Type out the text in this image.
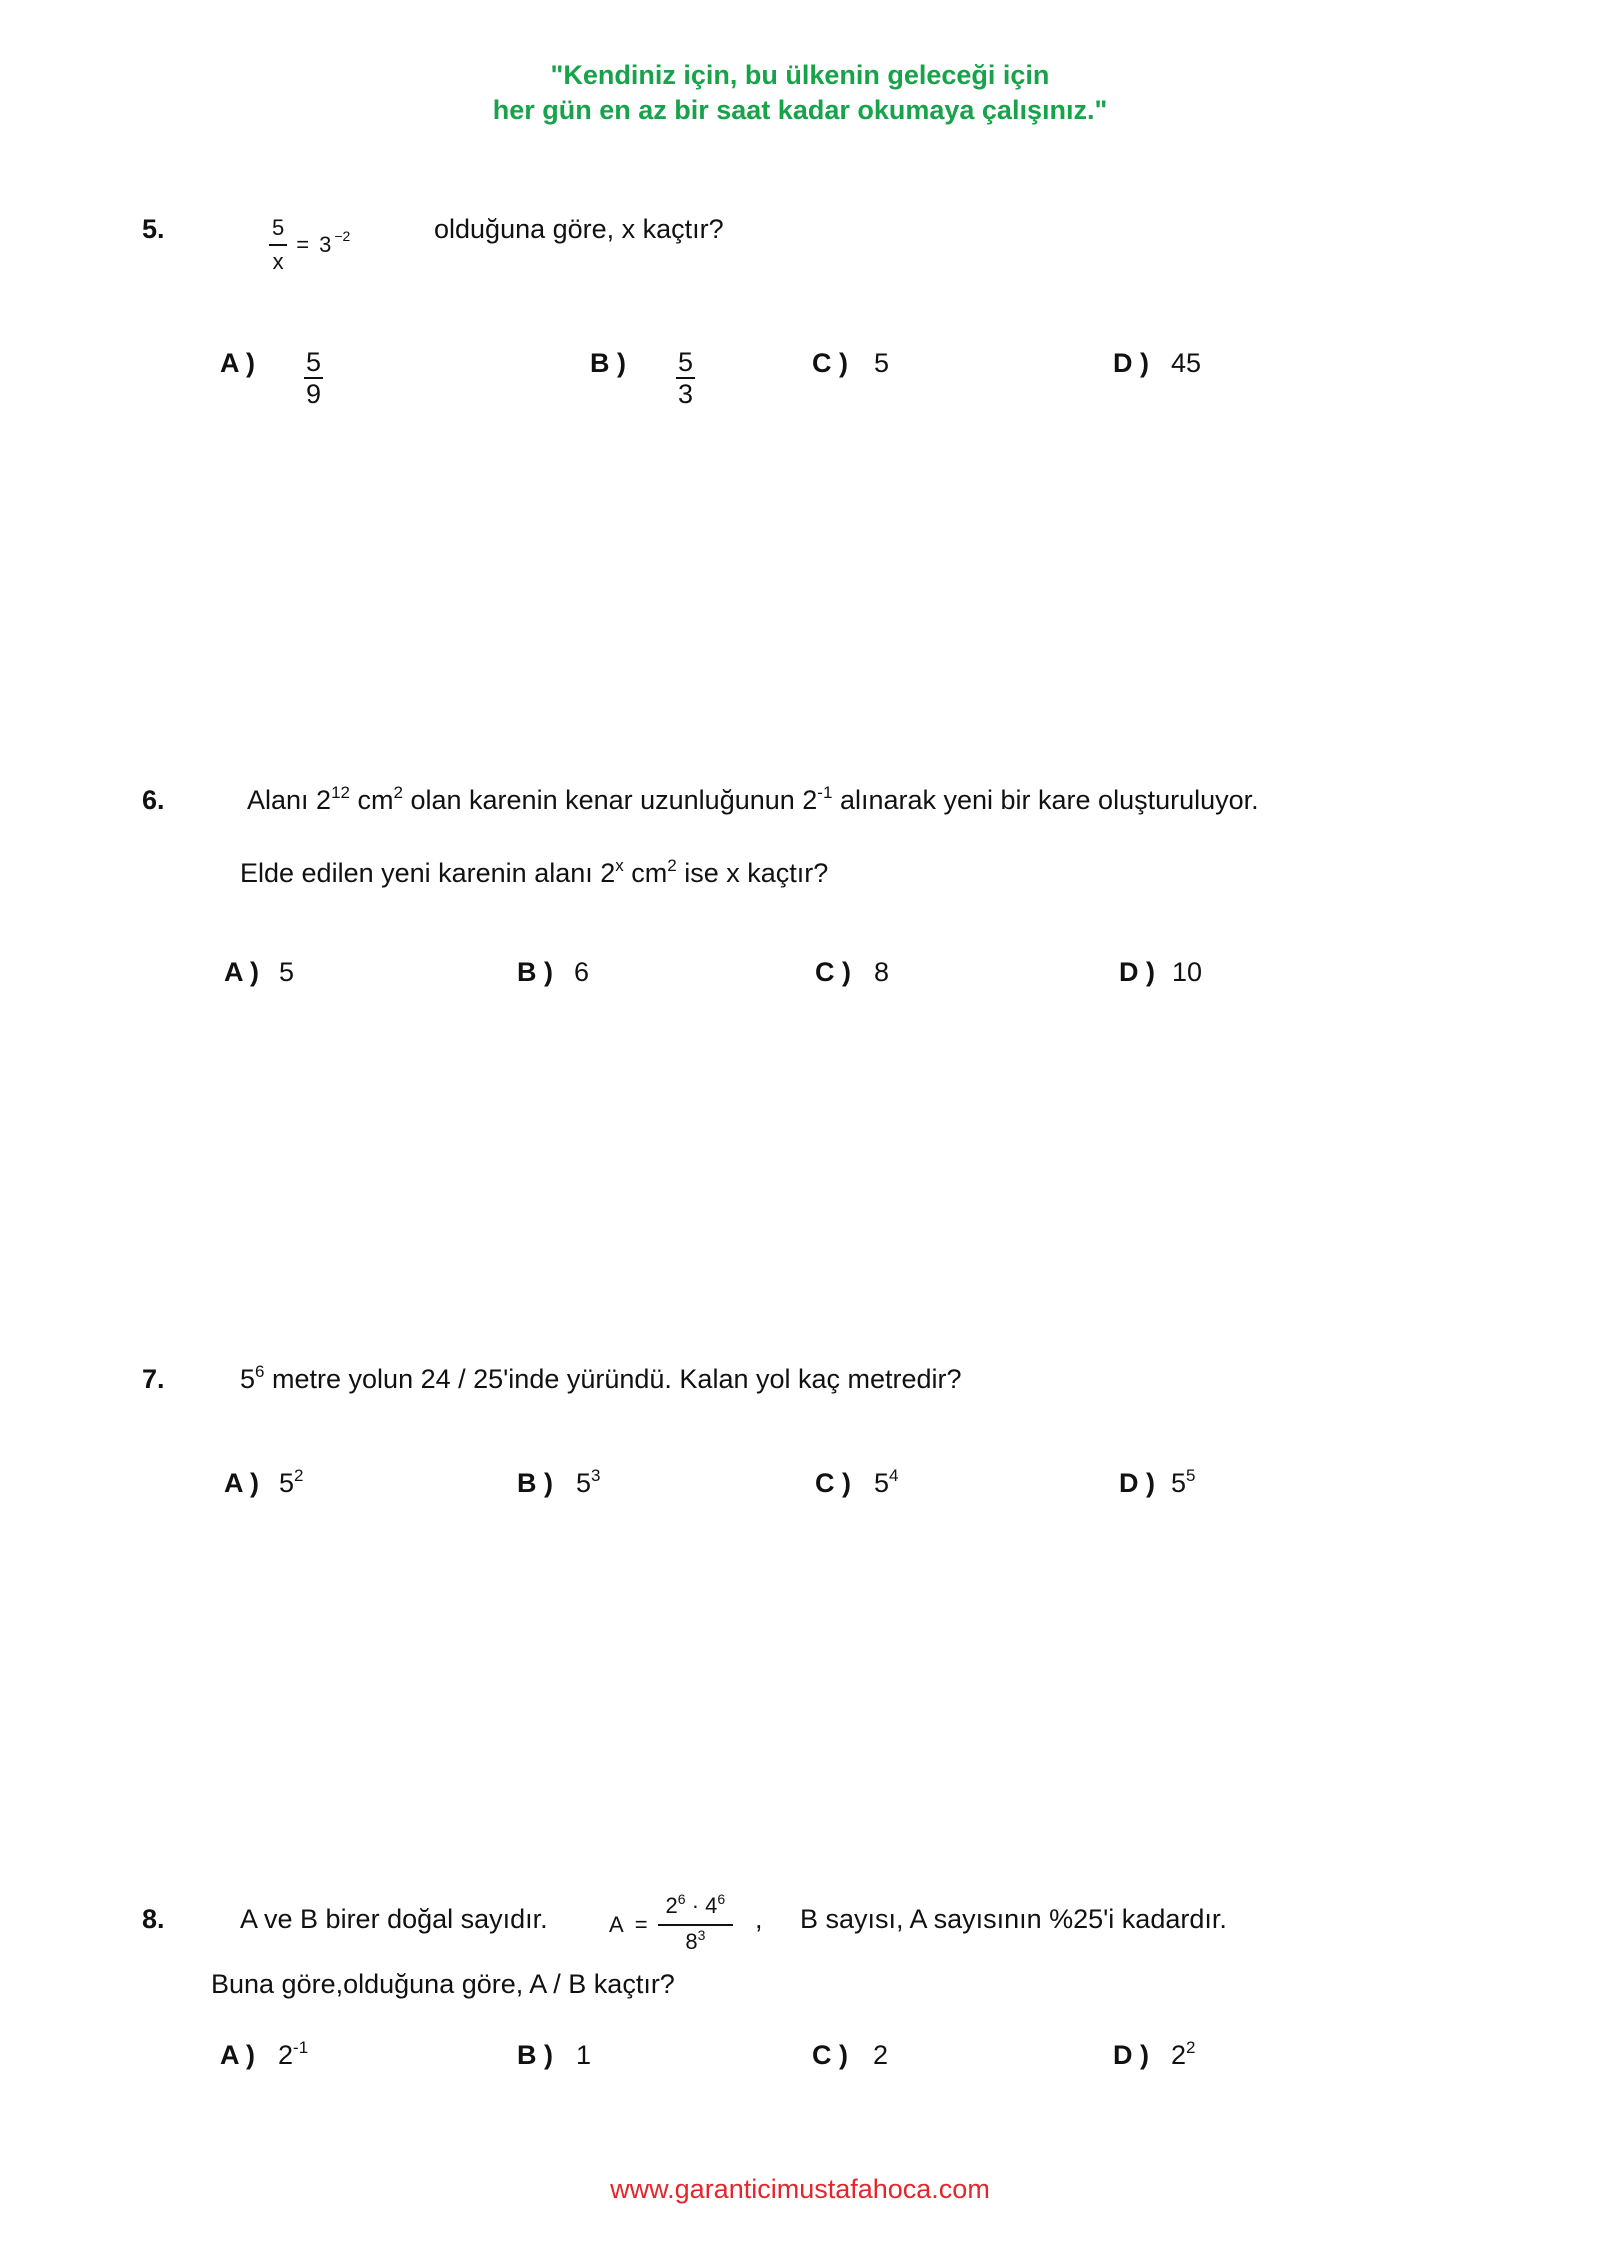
"Kendiniz için, bu ülkenin geleceği için
her gün en az bir saat kadar okumaya çalışınız."
5.	$\frac{5}{x} = 3 -2$	olduğuna göre, x kaçtır?
A ) 5
9
B ) 5
3
C ) 5	D ) 45
6.	Alanı $2^{12}$ $cm^2$ olan karenin kenar uzunluğunun $2^{-1}$ alınarak yeni bir kare oluşturuluyor.
Elde edilen yeni karenin alanı 2$^x$ $cm^2$ ise x kaçtır?
A ) 5	B ) 6	C ) 8	D ) 10
7.	$5^6$ metre yolun 24 / 25'inde yüründü. Kalan yol kaç metredir?
A ) $5^2$	B ) $5^3$	C ) $5^4$	D ) $5^5$
8.	A ve B birer doğal sayıdır.	$A = \frac{2^6 \cdot 4^6}{8^3}$ , B sayısı, A sayısının %25'i kadardır.
Buna göre,olduğuna göre, A / B kaçtır?
A ) $2^{-1}$	B ) 1	C ) 2	D ) $2^2$
www.garanticimustafahoca.com
